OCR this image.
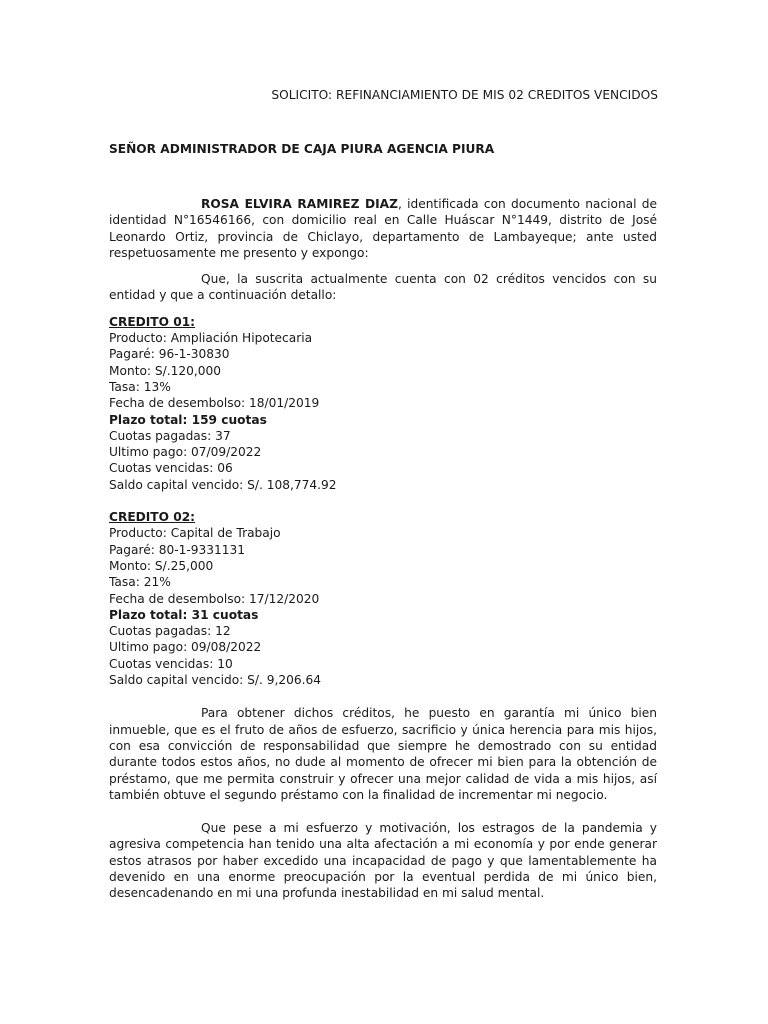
SOLICITO: REFINANCIAMIENTO DE MIS 02 CREDITOS VENCIDOS
SEÑOR ADMINISTRADOR DE CAJA PIURA AGENCIA PIURA

ROSA ELVIRA RAMIREZ DIAZ, identificada con documento nacional de identidad N°16546166, con domicilio real en Calle Huáscar N°1449, distrito de José Leonardo Ortiz, provincia de Chiclayo, departamento de Lambayeque; ante usted respetuosamente me presento y expongo:

Que, la suscrita actualmente cuenta con 02 créditos vencidos con su entidad y que a continuación detallo:

CREDITO 01:

Producto: Ampliación Hipotecaria

Pagaré: 96-1-30830

Monto: S/.120,000

Tasa: 13%

Fecha de desembolso: 18/01/2019

Plazo total: 159 cuotas

Cuotas pagadas: 37

Ultimo pago: 07/09/2022

Cuotas vencidas: 06

Saldo capital vencido: S/. 108,774.92

CREDITO 02:

Producto: Capital de Trabajo

Pagaré: 80-1-9331131

Monto: S/.25,000

Tasa: 21%

Fecha de desembolso: 17/12/2020

Plazo total: 31 cuotas

Cuotas pagadas: 12

Ultimo pago: 09/08/2022

Cuotas vencidas: 10

Saldo capital vencido: S/. 9,206.64

Para obtener dichos créditos, he puesto en garantía mi único bien inmueble, que es el fruto de años de esfuerzo, sacrificio y única herencia para mis hijos, con esa convicción de responsabilidad que siempre he demostrado con su entidad durante todos estos años, no dude al momento de ofrecer mi bien para la obtención de préstamo, que me permita construir y ofrecer una mejor calidad de vida a mis hijos, así también obtuve el segundo préstamo con la finalidad de incrementar mi negocio.

Que pese a mi esfuerzo y motivación, los estragos de la pandemia y agresiva competencia han tenido una alta afectación a mi economía y por ende generar estos atrasos por haber excedido una incapacidad de pago y que lamentablemente ha devenido en una enorme preocupación por la eventual perdida de mi único bien, desencadenando en mi una profunda inestabilidad en mi salud mental.
